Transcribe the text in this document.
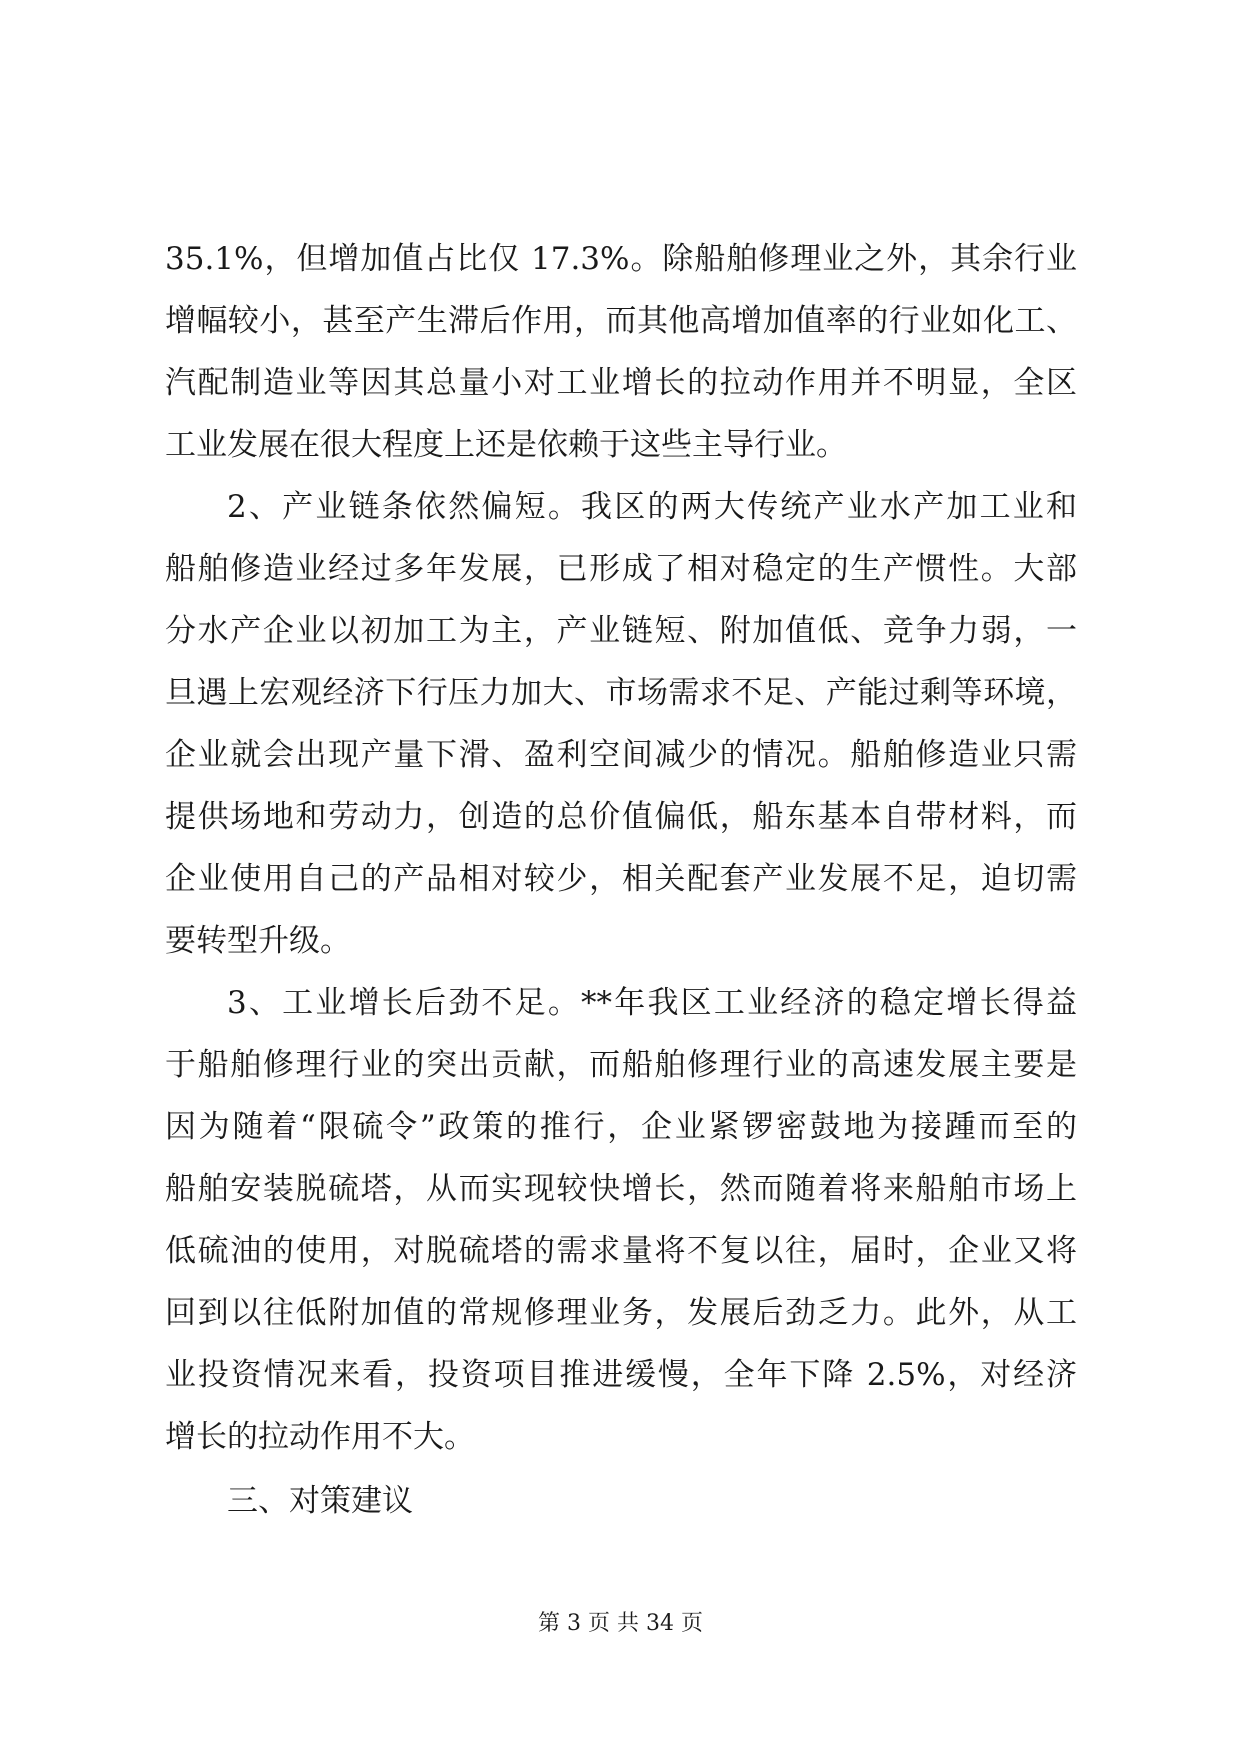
35.1%，但增加值占比仅 17.3%。除船舶修理业之外，其余行业
增幅较小，甚至产生滞后作用，而其他高增加值率的行业如化工、
汽配制造业等因其总量小对工业增长的拉动作用并不明显，全区
工业发展在很大程度上还是依赖于这些主导行业。
2、产业链条依然偏短。我区的两大传统产业水产加工业和
船舶修造业经过多年发展，已形成了相对稳定的生产惯性。大部
分水产企业以初加工为主，产业链短、附加值低、竞争力弱，一
旦遇上宏观经济下行压力加大、市场需求不足、产能过剩等环境，
企业就会出现产量下滑、盈利空间减少的情况。船舶修造业只需
提供场地和劳动力，创造的总价值偏低，船东基本自带材料，而
企业使用自己的产品相对较少，相关配套产业发展不足，迫切需
要转型升级。
3、工业增长后劲不足。**年我区工业经济的稳定增长得益
于船舶修理行业的突出贡献，而船舶修理行业的高速发展主要是
因为随着“限硫令”政策的推行，企业紧锣密鼓地为接踵而至的
船舶安装脱硫塔，从而实现较快增长，然而随着将来船舶市场上
低硫油的使用，对脱硫塔的需求量将不复以往，届时，企业又将
回到以往低附加值的常规修理业务，发展后劲乏力。此外，从工
业投资情况来看，投资项目推进缓慢，全年下降 2.5%，对经济
增长的拉动作用不大。
三、对策建议
第 3 页 共 34 页
